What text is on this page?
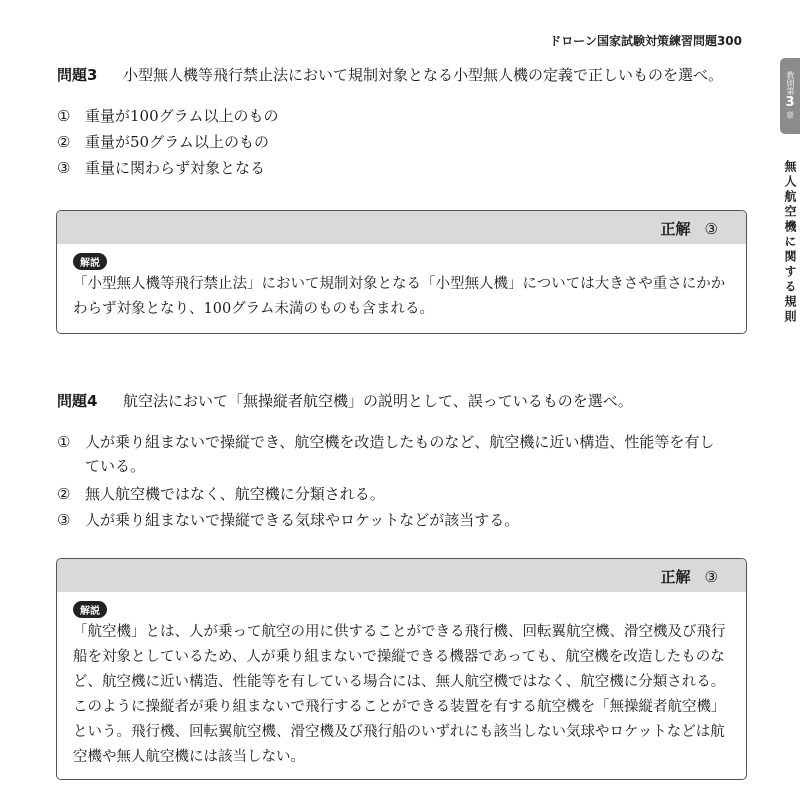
ドローン国家試験対策練習問題300
教則第
3
章
無人航空機に関する規則
問題3 小型無人機等飛行禁止法において規制対象となる小型無人機の定義で正しいものを選べ。
① 重量が100グラム以上のもの
② 重量が50グラム以上のもの
③ 重量に関わらず対象となる
正解 ③
解説
「小型無人機等飛行禁止法」において規制対象となる「小型無人機」については大きさや重さにかかわらず対象となり、100グラム未満のものも含まれる。
問題4 航空法において「無操縦者航空機」の説明として、誤っているものを選べ。
① 人が乗り組まないで操縦でき、航空機を改造したものなど、航空機に近い構造、性能等を有している。
② 無人航空機ではなく、航空機に分類される。
③ 人が乗り組まないで操縦できる気球やロケットなどが該当する。
正解 ③
解説
「航空機」とは、人が乗って航空の用に供することができる飛行機、回転翼航空機、滑空機及び飛行船を対象としているため、人が乗り組まないで操縦できる機器であっても、航空機を改造したものなど、航空機に近い構造、性能等を有している場合には、無人航空機ではなく、航空機に分類される。このように操縦者が乗り組まないで飛行することができる装置を有する航空機を「無操縦者航空機」という。飛行機、回転翼航空機、滑空機及び飛行船のいずれにも該当しない気球やロケットなどは航空機や無人航空機には該当しない。
